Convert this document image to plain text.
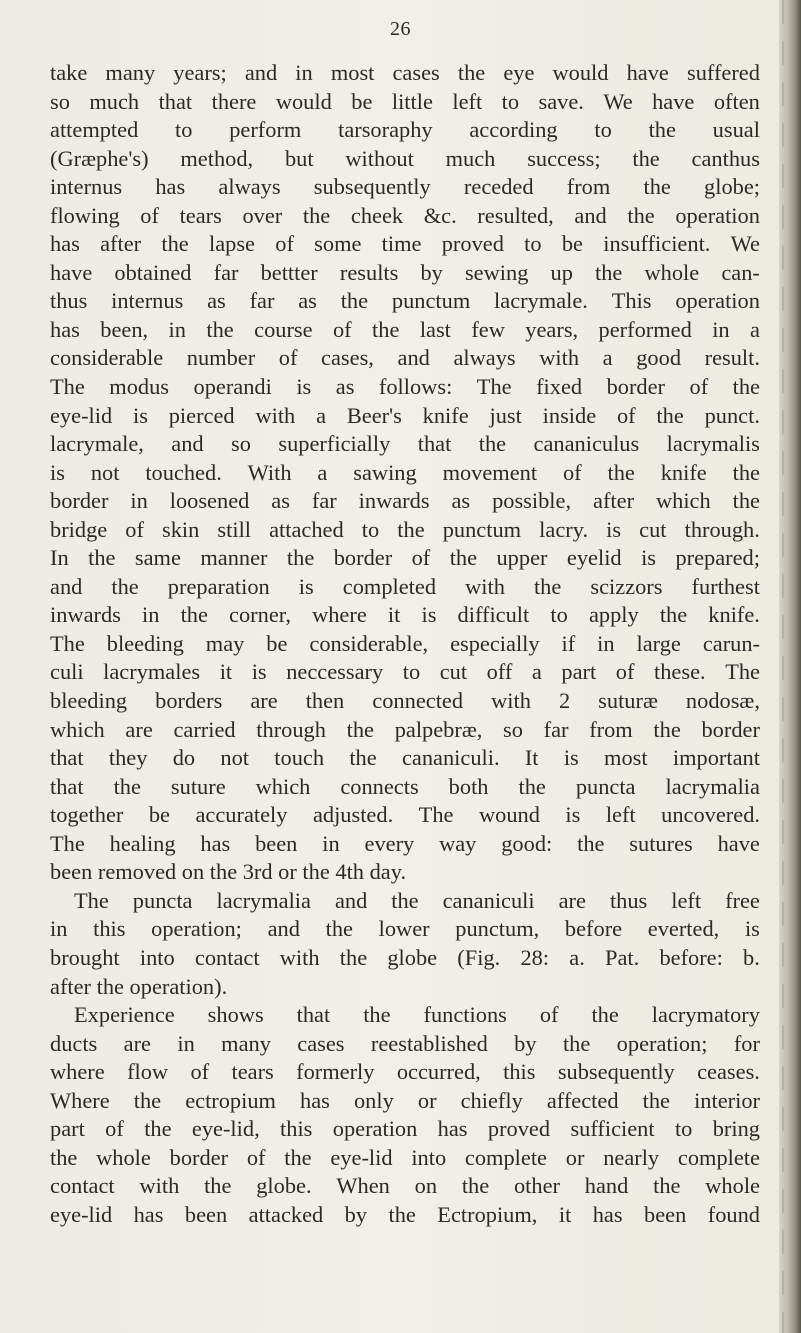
26
take many years; and in most cases the eye would have suffered
so much that there would be little left to save. We have often
attempted to perform tarsoraphy according to the usual
(Græphe's) method, but without much success; the canthus
internus has always subsequently receded from the globe;
flowing of tears over the cheek &c. resulted, and the operation
has after the lapse of some time proved to be insufficient. We
have obtained far bettter results by sewing up the whole can-
thus internus as far as the punctum lacrymale. This operation
has been, in the course of the last few years, performed in a
considerable number of cases, and always with a good result.
The modus operandi is as follows: The fixed border of the
eye-lid is pierced with a Beer's knife just inside of the punct.
lacrymale, and so superficially that the cananiculus lacrymalis
is not touched. With a sawing movement of the knife the
border in loosened as far inwards as possible, after which the
bridge of skin still attached to the punctum lacry. is cut through.
In the same manner the border of the upper eyelid is prepared;
and the preparation is completed with the scizzors furthest
inwards in the corner, where it is difficult to apply the knife.
The bleeding may be considerable, especially if in large carun-
culi lacrymales it is neccessary to cut off a part of these. The
bleeding borders are then connected with 2 suturæ nodosæ,
which are carried through the palpebræ, so far from the border
that they do not touch the cananiculi. It is most important
that the suture which connects both the puncta lacrymalia
together be accurately adjusted. The wound is left uncovered.
The healing has been in every way good: the sutures have
been removed on the 3rd or the 4th day.
The puncta lacrymalia and the cananiculi are thus left free
in this operation; and the lower punctum, before everted, is
brought into contact with the globe (Fig. 28: a. Pat. before: b.
after the operation).
Experience shows that the functions of the lacrymatory
ducts are in many cases reestablished by the operation; for
where flow of tears formerly occurred, this subsequently ceases.
Where the ectropium has only or chiefly affected the interior
part of the eye-lid, this operation has proved sufficient to bring
the whole border of the eye-lid into complete or nearly complete
contact with the globe. When on the other hand the whole
eye-lid has been attacked by the Ectropium, it has been found
